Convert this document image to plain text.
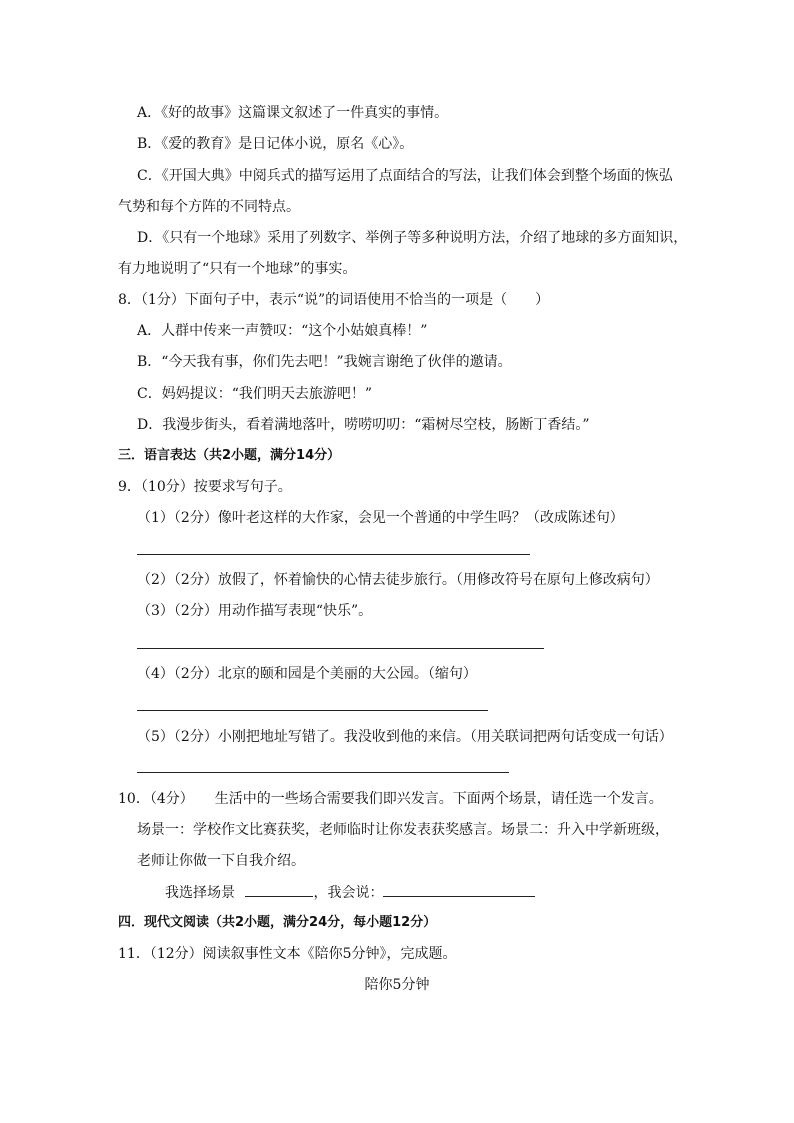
A．《好的故事》这篇课文叙述了一件真实的事情。
B．《爱的教育》是日记体小说，原名《心》。
C．《开国大典》中阅兵式的描写运用了点面结合的写法，让我们体会到整个场面的恢弘
气势和每个方阵的不同特点。
D．《只有一个地球》采用了列数字、举例子等多种说明方法，介绍了地球的多方面知识，
有力地说明了“只有一个地球”的事实。
8．（1分）下面句子中，表示“说”的词语使用不恰当的一项是（　　）
A．人群中传来一声赞叹：“这个小姑娘真棒！”
B．“今天我有事，你们先去吧！”我婉言谢绝了伙伴的邀请。
C．妈妈提议：“我们明天去旅游吧！”
D．我漫步街头，看着满地落叶，唠唠叨叨：“霜树尽空枝，肠断丁香结。”
三．语言表达（共2小题，满分14分）
9．（10分）按要求写句子。
（1）（2分）像叶老这样的大作家，会见一个普通的中学生吗？（改成陈述句）
（2）（2分）放假了，怀着愉快的心情去徒步旅行。（用修改符号在原句上修改病句）
（3）（2分）用动作描写表现“快乐”。
（4）（2分）北京的颐和园是个美丽的大公园。（缩句）
（5）（2分）小刚把地址写错了。我没收到他的来信。（用关联词把两句话变成一句话）
10．（4分）　　生活中的一些场合需要我们即兴发言。下面两个场景，请任选一个发言。
场景一：学校作文比赛获奖，老师临时让你发表获奖感言。场景二：升入中学新班级，
老师让你做一下自我介绍。
我选择场景	，我会说：
四．现代文阅读（共2小题，满分24分，每小题12分）
11．（12分）阅读叙事性文本《陪你5分钟》，完成题。
陪你5分钟
